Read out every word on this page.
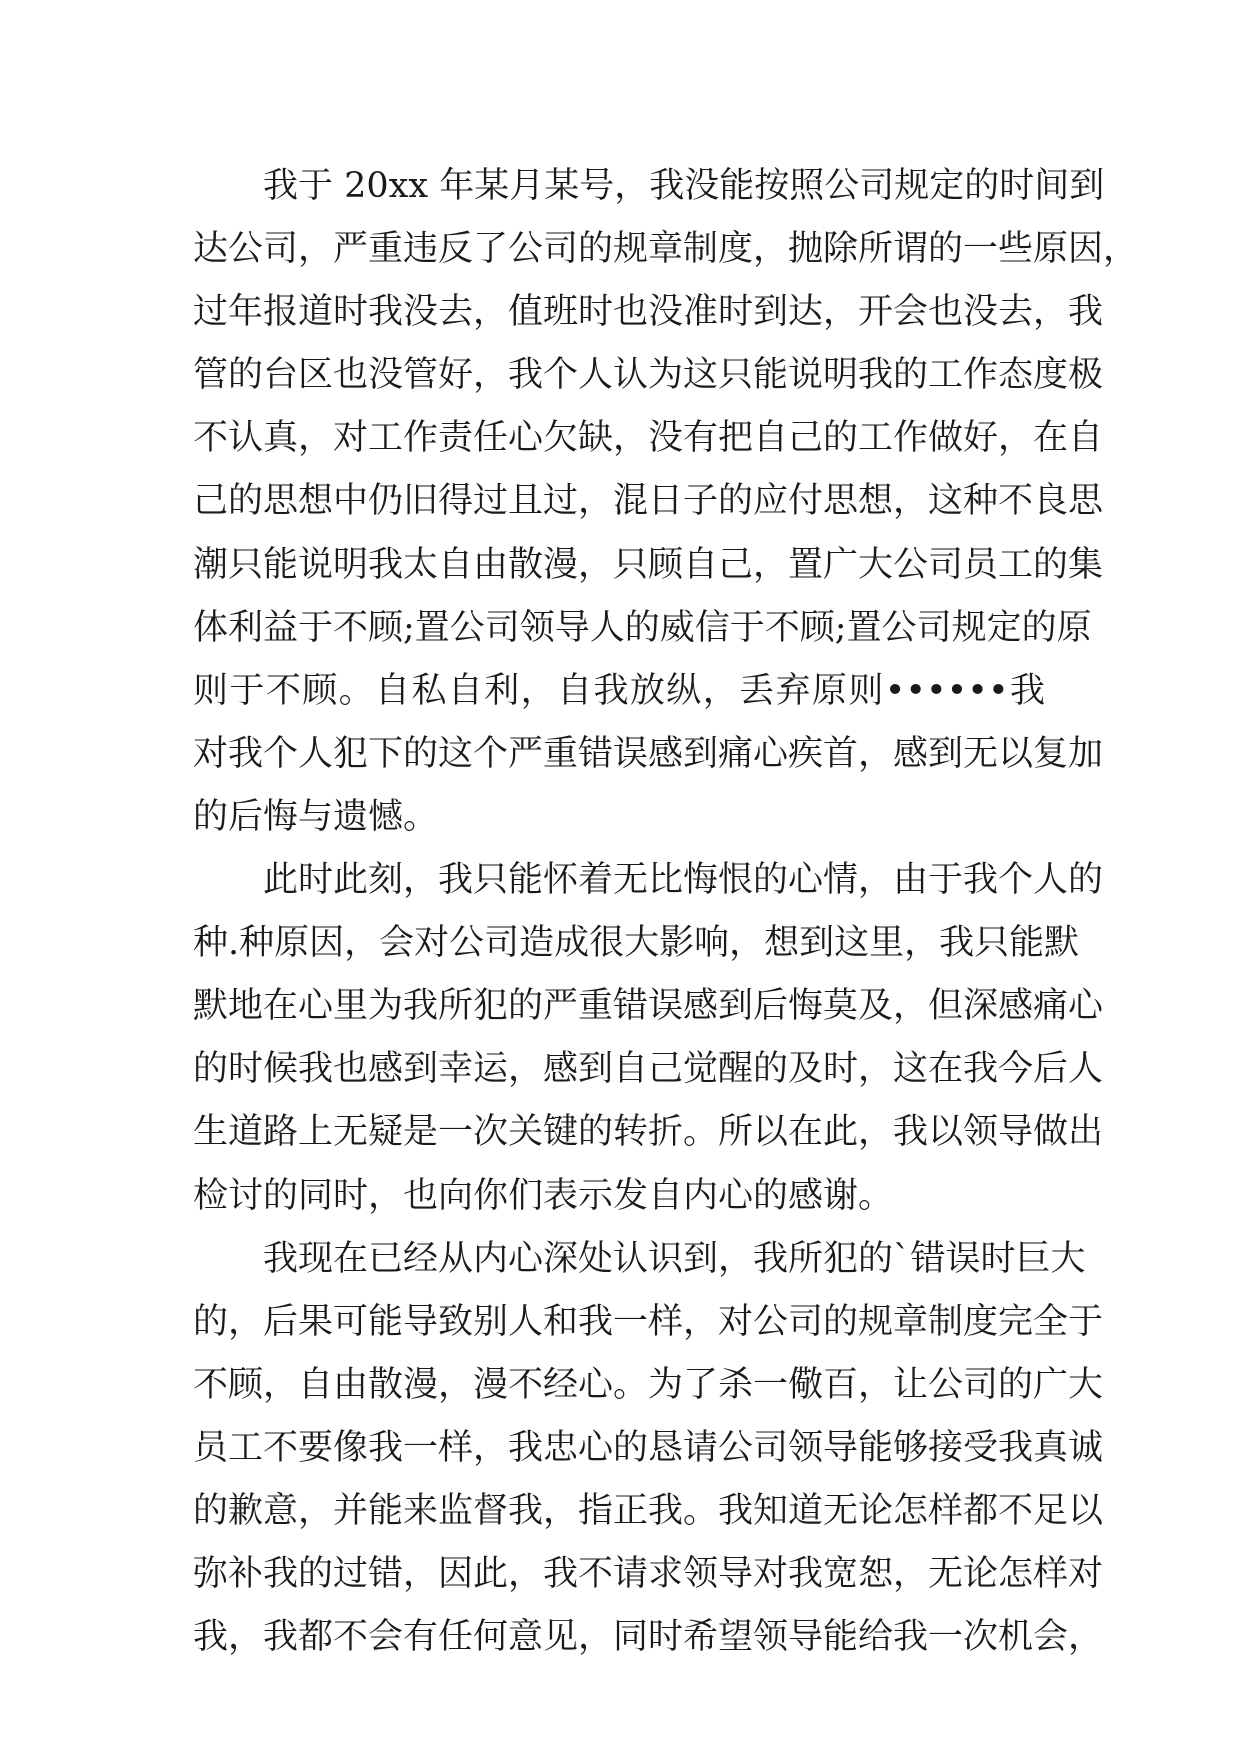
我于 20xx 年某月某号，我没能按照公司规定的时间到
达公司，严重违反了公司的规章制度，抛除所谓的一些原因，
过年报道时我没去，值班时也没准时到达，开会也没去，我
管的台区也没管好，我个人认为这只能说明我的工作态度极
不认真，对工作责任心欠缺，没有把自己的工作做好，在自
己的思想中仍旧得过且过，混日子的应付思想，这种不良思
潮只能说明我太自由散漫，只顾自己，置广大公司员工的集
体利益于不顾;置公司领导人的威信于不顾;置公司规定的原
则于不顾。自私自利，自我放纵，丢弃原则••••••我
对我个人犯下的这个严重错误感到痛心疾首，感到无以复加
的后悔与遗憾。
此时此刻，我只能怀着无比悔恨的心情，由于我个人的
种.种原因，会对公司造成很大影响，想到这里，我只能默
默地在心里为我所犯的严重错误感到后悔莫及，但深感痛心
的时候我也感到幸运，感到自己觉醒的及时，这在我今后人
生道路上无疑是一次关键的转折。所以在此，我以领导做出
检讨的同时，也向你们表示发自内心的感谢。
我现在已经从内心深处认识到，我所犯的`错误时巨大
的，后果可能导致别人和我一样，对公司的规章制度完全于
不顾，自由散漫，漫不经心。为了杀一儆百，让公司的广大
员工不要像我一样，我忠心的恳请公司领导能够接受我真诚
的歉意，并能来监督我，指正我。我知道无论怎样都不足以
弥补我的过错，因此，我不请求领导对我宽恕，无论怎样对
我，我都不会有任何意见，同时希望领导能给我一次机会，
